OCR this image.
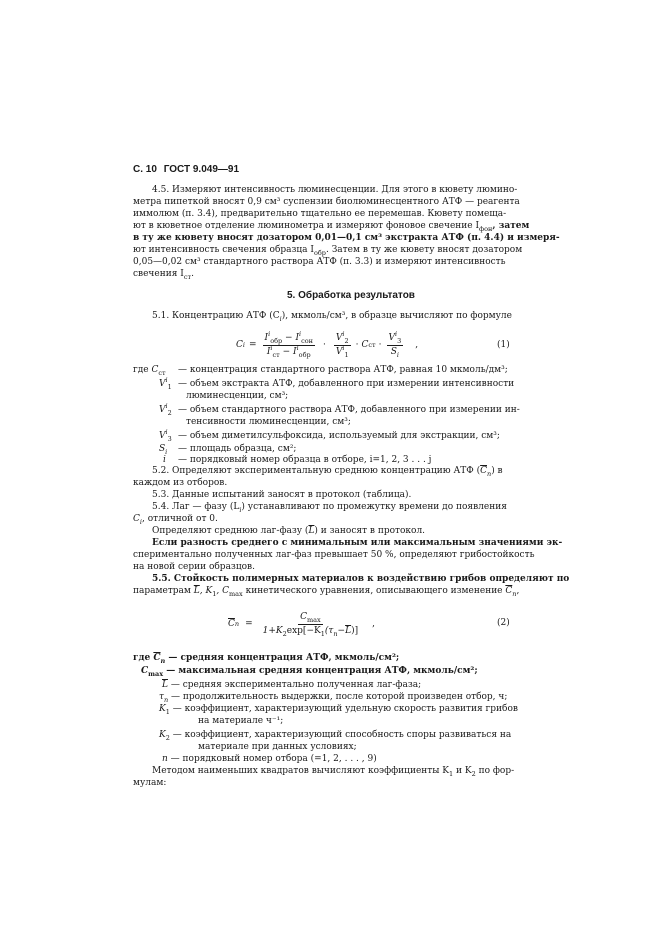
С. 10 ГОСТ 9.049—91
4.5. Измеряют интенсивность люминесценции. Для этого в кювету люмино-
метра пипеткой вносят 0,9 см³ суспензии биолюминесцентного АТФ — реагента
иммолюм (п. 3.4), предварительно тщательно ее перемешав. Кювету помеща-
ют в кюветное отделение люминометра и измеряют фоновое свечение $I_{фон}$, затем
в ту же кювету вносят дозатором 0,01—0,1 см³ экстракта АТФ (п. 4.4) и измеря-
ют интенсивность свечения образца $I_{обр}$. Затем в ту же кювету вносят дозатором
0,05—0,02 см³ стандартного раствора АТФ (п. 3.3) и измеряют интенсивность
свечения $I_{ст}$.
5. Обработка результатов
5.1. Концентрацию АТФ $(C_i)$, мкмоль/см³, в образце вычисляют по формуле
C $i = \frac{I^i_{обр} - I^i_{сон}}{I^i_{ст} - I^i_{обр}} \cdot \frac{V^i_2}{V^i_1} \cdot C$ ст · $\frac{V^i_3}{S_i}$ ,	(1)
где $C_{ст}$ — концентрация стандартного раствора АТФ, равная 10 мкмоль/дм³;
$V^i_1$ — объем экстракта АТФ, добавленного при измерении интенсивности
люминесценции, см³;
$V^i_2$ — объем стандартного раствора АТФ, добавленного при измерении ин-
тенсивности люминесценции, см³;
$V^i_3$ — объем диметилсульфоксида, используемый для экстракции, см³;
$S_i$ — площадь образца, см²;
i — порядковый номер образца в отборе, i=1, 2, 3 . . . j
5.2. Определяют экспериментальную среднюю концентрацию АТФ $(\overline{C}_n)$ в
каждом из отборов.
5.3. Данные испытаний заносят в протокол (таблица).
5.4. Лаг — фазу $(L_i)$ устанавливают по промежутку времени до появления
$C_i$, отличной от 0.
Определяют среднюю лаг-фазу $(\overline{L})$ и заносят в протокол.
Если разность среднего с минимальным или максимальным значениями эк-
спериментально полученных лаг-фаз превышает 50 %, определяют грибостойкость
на новой серии образцов.
5.5. Стойкость полимерных материалов к воздействию грибов определяют по
параметрам $\overline{L}$, $K_1$, $C_{max}$ кинетического уравнения, описывающего изменение $\overline{C}_n$,
$\overline{C}$ $n = \frac{C_{max}}{1+K_2\exp[-K_1(\tau_n-\overline{L})]}$ ,	(2)
где $\overline{C}_n$ — средняя концентрация АТФ, мкмоль/см²;
$C_{max}$ — максимальная средняя концентрация АТФ, мкмоль/см²;
$\overline{L}$ — средняя экспериментально полученная лаг-фаза;
$\tau_n$ — продолжительность выдержки, после которой произведен отбор, ч;
$K_1$ — коэффициент, характеризующий удельную скорость развития грибов
на материале ч⁻¹;
$K_2$ — коэффициент, характеризующий способность споры развиваться на
материале при данных условиях;
n — порядковый номер отбора (=1, 2, . . . , 9)
Методом наименьших квадратов вычисляют коэффициенты $K_1$ и $K_2$ по фор-
мулам:
